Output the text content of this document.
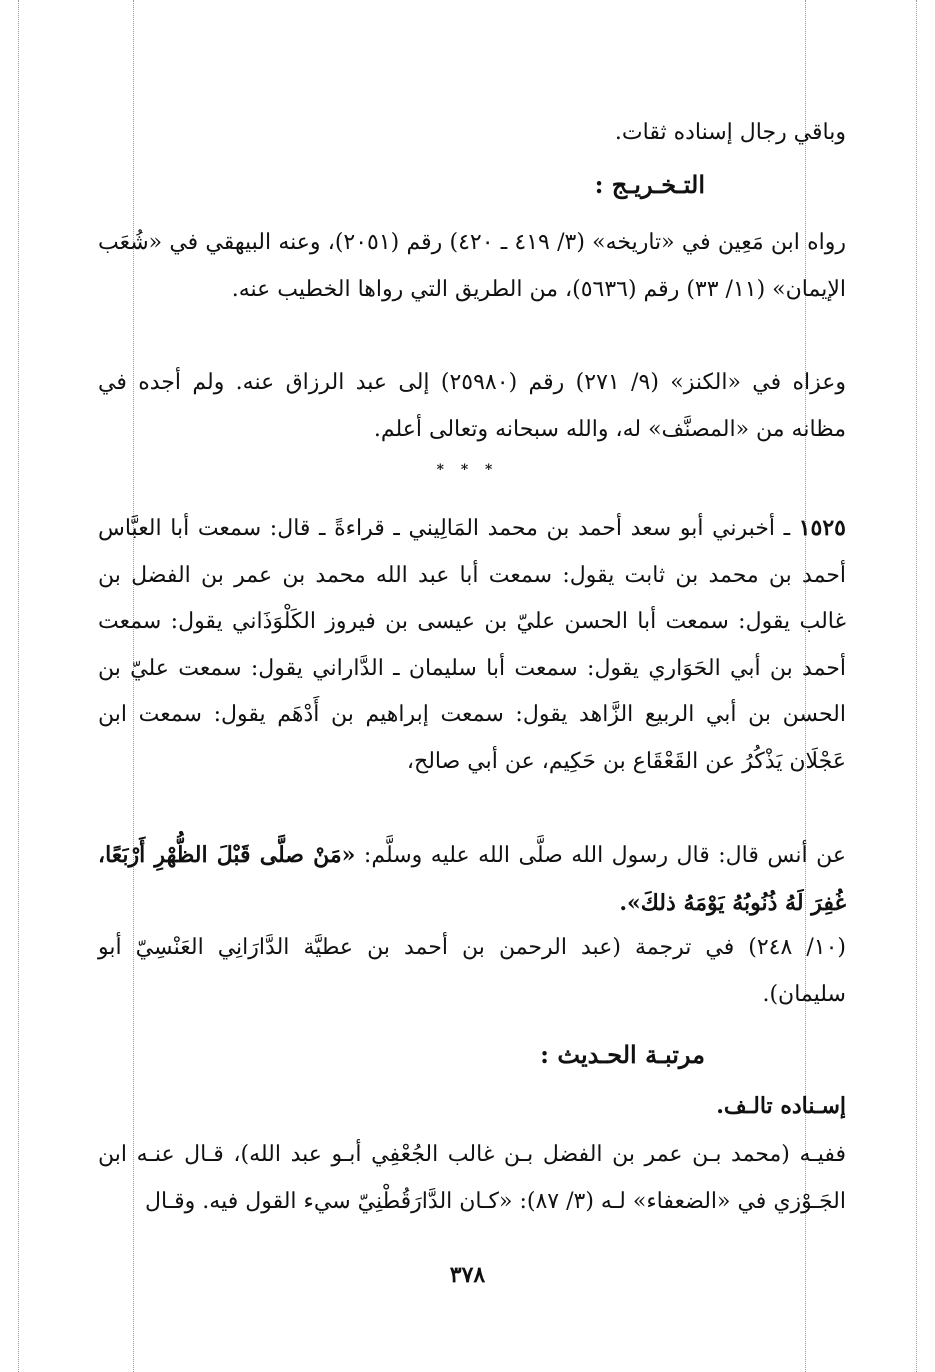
وباقي رجال إسناده ثقات.
التـخـريـج :
رواه ابن مَعِين في «تاريخه» (٣/ ٤١٩ ـ ٤٢٠) رقم (٢٠٥١)، وعنه البيهقي في «شُعَب الإيمان» (١١/ ٣٣) رقم (٥٦٣٦)، من الطريق التي رواها الخطيب عنه.
وعزاه في «الكنز» (٩/ ٢٧١) رقم (٢٥٩٨٠) إلى عبد الرزاق عنه. ولم أجده في مظانه من «المصنَّف» له، والله سبحانه وتعالى أعلم.
* * *
١٥٢٥ ـ أخبرني أبو سعد أحمد بن محمد المَالِيني ـ قراءةً ـ قال: سمعت أبا العبَّاس أحمد بن محمد بن ثابت يقول: سمعت أبا عبد الله محمد بن عمر بن الفضل بن غالب يقول: سمعت أبا الحسن عليّ بن عيسى بن فيروز الكَلْوَذَاني يقول: سمعت أحمد بن أبي الحَوَاري يقول: سمعت أبا سليمان ـ الدَّاراني يقول: سمعت عليّ بن الحسن بن أبي الربيع الزَّاهد يقول: سمعت إبراهيم بن أَدْهَم يقول: سمعت ابن عَجْلَان يَذْكُرُ عن القَعْقَاع بن حَكِيم، عن أبي صالح،
عن أنس قال: قال رسول الله صلَّى الله عليه وسلَّم: «مَنْ صلَّى قَبْلَ الظُّهْرِ أَرْبَعًا، غُفِرَ لَهُ ذُنُوبُهُ يَوْمَهُ ذلكَ».
(١٠/ ٢٤٨) في ترجمة (عبد الرحمن بن أحمد بن عطيَّة الدَّارَانِي العَنْسِيّ أبو سليمان).
مرتبـة الحـديث :
إسـناده تالـف.
ففيـه (محمد بـن عمر بن الفضل بـن غالب الجُعْفِي أبـو عبد الله)، قـال عنـه ابن الجَـوْزي في «الضعفاء» لـه (٣/ ٨٧): «كـان الدَّارَقُطْنِيّ سيء القول فيه. وقـال
٣٧٨
